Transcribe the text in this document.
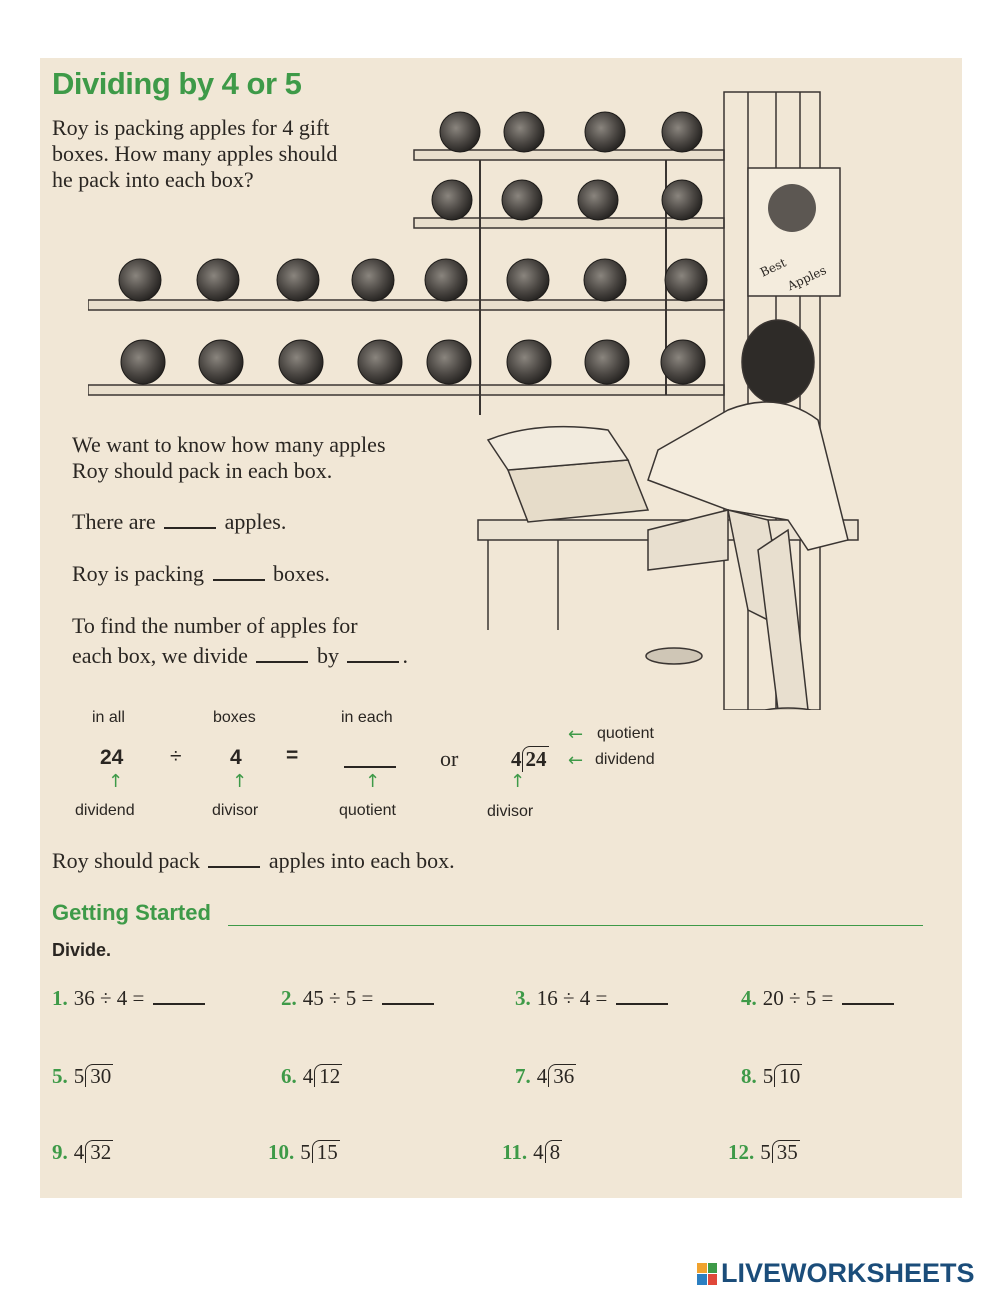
Best
Apples
Dividing by 4 or 5
Roy is packing apples for 4 gift
boxes. How many apples should
he pack into each box?
We want to know how many apples
Roy should pack in each box.
There are	apples.
Roy is packing	boxes.
To find the number of apples for
each box, we divide	by	.
in all	boxes	in each
24 ÷ 4 =	or	4 24
← quotient
← dividend
↑	↑	↑	↑
dividend	divisor	quotient	divisor
Roy should pack	apples into each box.
Getting Started
Divide.
1. 36 ÷ 4 =	2. 45 ÷ 5 =	3. 16 ÷ 4 =	4. 20 ÷ 5 =
5. 5 30	6. 4 12	7. 4 36	8. 5 10
9. 4 32	10. 5 15	11. 4 8	12. 5 35
LIVEWORKSHEETS
